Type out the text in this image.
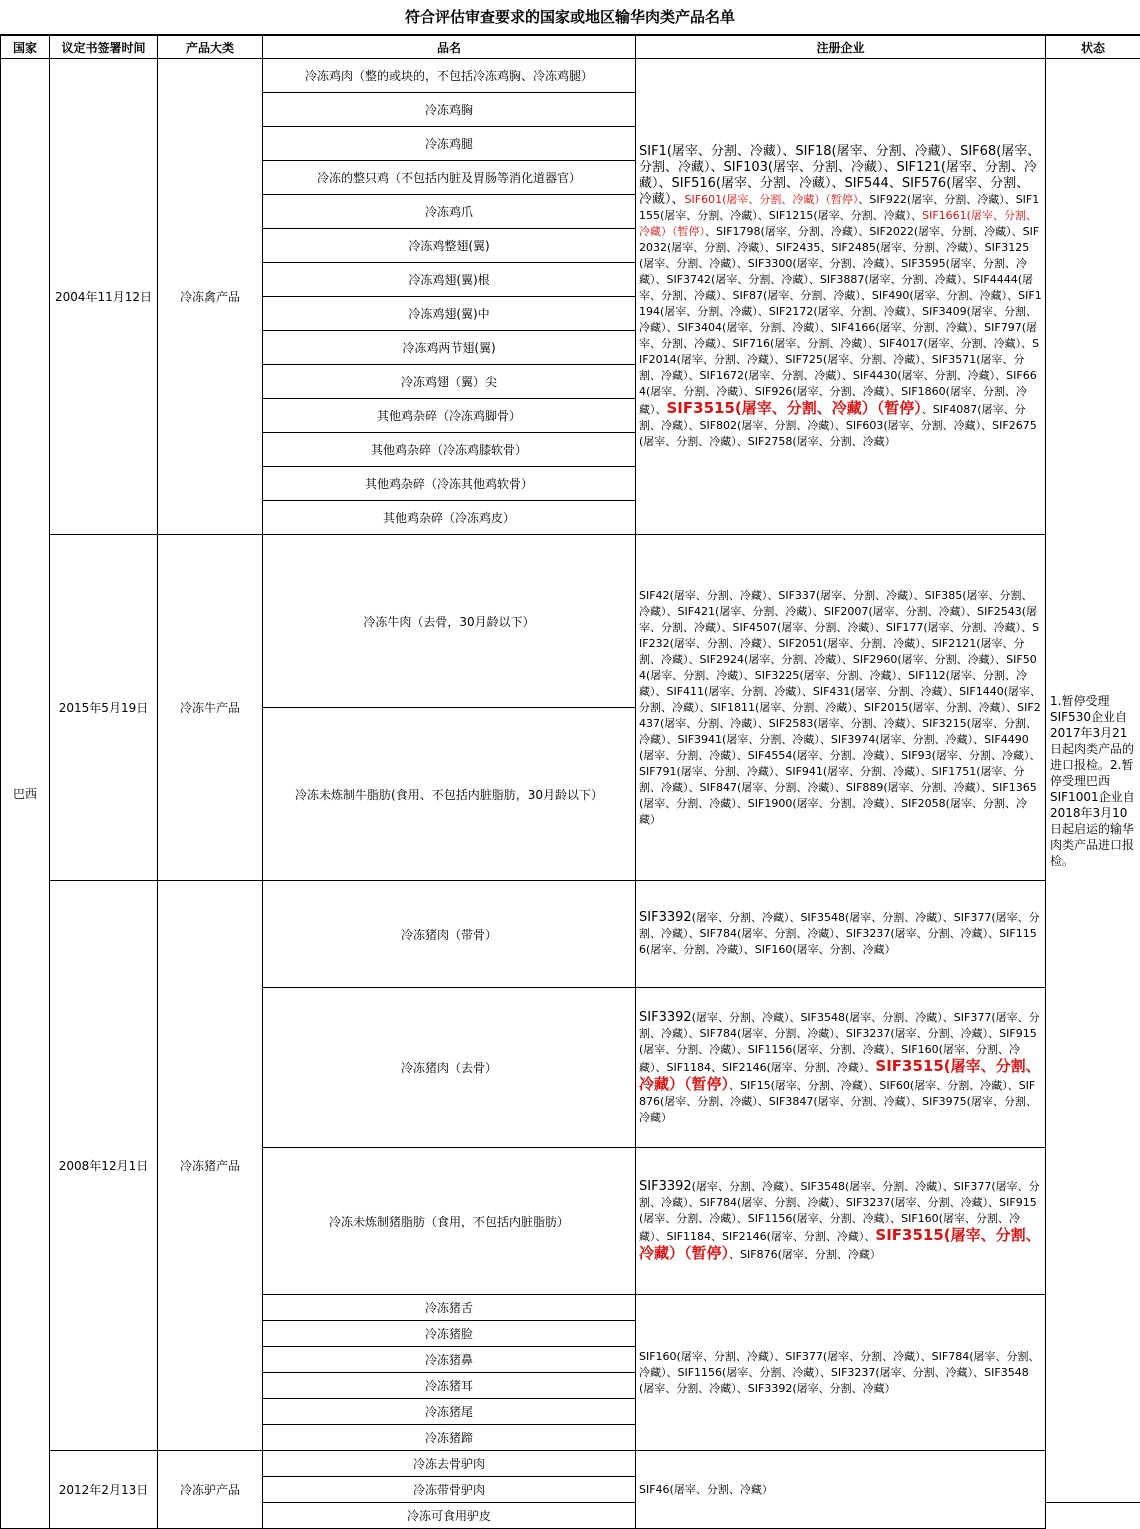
符合评估审查要求的国家或地区输华肉类产品名单
国家	议定书签署时间	产品大类	品名	注册企业	状态	
巴西	2004年11月12日	冷冻禽产品	冷冻鸡肉（整的或块的，不包括冷冻鸡胸、冷冻鸡腿）	SIF1(屠宰、分割、冷藏）、SIF18(屠宰、分割、冷藏）、SIF68(屠宰、分割、冷藏）、SIF103(屠宰、分割、冷藏）、SIF121(屠宰、分割、冷藏）、SIF516(屠宰、分割、冷藏）、SIF544、SIF576(屠宰、分割、冷藏）、SIF601(屠宰、分割、冷藏）（暂停）、SIF922(屠宰、分割、冷藏）、SIF1155(屠宰、分割、冷藏）、SIF1215(屠宰、分割、冷藏）、SIF1661(屠宰、分割、冷藏）（暂停）、SIF1798(屠宰、分割、冷藏）、SIF2022(屠宰、分割、冷藏）、SIF2032(屠宰、分割、冷藏）、SIF2435、SIF2485(屠宰、分割、冷藏）、SIF3125(屠宰、分割、冷藏）、SIF3300(屠宰、分割、冷藏）、SIF3595(屠宰、分割、冷藏）、SIF3742(屠宰、分割、冷藏）、SIF3887(屠宰、分割、冷藏）、SIF4444(屠宰、分割、冷藏）、SIF87(屠宰、分割、冷藏）、SIF490(屠宰、分割、冷藏）、SIF1194(屠宰、分割、冷藏）、SIF2172(屠宰、分割、冷藏）、SIF3409(屠宰、分割、冷藏）、SIF3404(屠宰、分割、冷藏）、SIF4166(屠宰、分割、冷藏）、SIF797(屠宰、分割、冷藏）、SIF716(屠宰、分割、冷藏）、SIF4017(屠宰、分割、冷藏）、SIF2014(屠宰、分割、冷藏）、SIF725(屠宰、分割、冷藏）、SIF3571(屠宰、分割、冷藏）、SIF1672(屠宰、分割、冷藏）、SIF4430(屠宰、分割、冷藏）、SIF664(屠宰、分割、冷藏）、SIF926(屠宰、分割、冷藏）、SIF1860(屠宰、分割、冷藏）、SIF3515(屠宰、分割、冷藏）（暂停）、SIF4087(屠宰、分割、冷藏）、SIF802(屠宰、分割、冷藏）、SIF603(屠宰、分割、冷藏）、SIF2675(屠宰、分割、冷藏）、SIF2758(屠宰、分割、冷藏）	1.暂停受理SIF530企业自2017年3月21日起肉类产品的进口报检。2.暂停受理巴西SIF1001企业自2018年3月10日起启运的输华肉类产品进口报检。	
			冷冻鸡胸			
			冷冻鸡腿			
			冷冻的整只鸡（不包括内脏及胃肠等消化道器官）			
			冷冻鸡爪			
			冷冻鸡整翅(翼)			
			冷冻鸡翅(翼)根			
			冷冻鸡翅(翼)中			
			冷冻鸡两节翅(翼)			
			冷冻鸡翅（翼）尖			
			其他鸡杂碎（冷冻鸡脚骨）			
			其他鸡杂碎（冷冻鸡膝软骨）			
			其他鸡杂碎（冷冻其他鸡软骨）			
			其他鸡杂碎（冷冻鸡皮）			
	2015年5月19日	冷冻牛产品	冷冻牛肉（去骨，30月龄以下）	SIF42(屠宰、分割、冷藏）、SIF337(屠宰、分割、冷藏）、SIF385(屠宰、分割、冷藏）、SIF421(屠宰、分割、冷藏）、SIF2007(屠宰、分割、冷藏）、SIF2543(屠宰、分割、冷藏）、SIF4507(屠宰、分割、冷藏）、SIF177(屠宰、分割、冷藏）、SIF232(屠宰、分割、冷藏）、SIF2051(屠宰、分割、冷藏）、SIF2121(屠宰、分割、冷藏）、SIF2924(屠宰、分割、冷藏）、SIF2960(屠宰、分割、冷藏）、SIF504(屠宰、分割、冷藏）、SIF3225(屠宰、分割、冷藏）、SIF112(屠宰、分割、冷藏）、SIF411(屠宰、分割、冷藏）、SIF431(屠宰、分割、冷藏）、SIF1440(屠宰、分割、冷藏）、SIF1811(屠宰、分割、冷藏）、SIF2015(屠宰、分割、冷藏）、SIF2437(屠宰、分割、冷藏）、SIF2583(屠宰、分割、冷藏）、SIF3215(屠宰、分割、冷藏）、SIF3941(屠宰、分割、冷藏）、SIF3974(屠宰、分割、冷藏）、SIF4490(屠宰、分割、冷藏）、SIF4554(屠宰、分割、冷藏）、SIF93(屠宰、分割、冷藏）、SIF791(屠宰、分割、冷藏）、SIF941(屠宰、分割、冷藏）、SIF1751(屠宰、分割、冷藏）、SIF847(屠宰、分割、冷藏）、SIF889(屠宰、分割、冷藏）、SIF1365(屠宰、分割、冷藏）、SIF1900(屠宰、分割、冷藏）、SIF2058(屠宰、分割、冷藏）		
			冷冻未炼制牛脂肪(食用、不包括内脏脂肪，30月龄以下）			
	2008年12月1日	冷冻猪产品	冷冻猪肉（带骨）	SIF3392(屠宰、分割、冷藏）、SIF3548(屠宰、分割、冷藏）、SIF377(屠宰、分割、冷藏）、SIF784(屠宰、分割、冷藏）、SIF3237(屠宰、分割、冷藏）、SIF1156(屠宰、分割、冷藏）、SIF160(屠宰、分割、冷藏）		
			冷冻猪肉（去骨）	SIF3392(屠宰、分割、冷藏）、SIF3548(屠宰、分割、冷藏）、SIF377(屠宰、分割、冷藏）、SIF784(屠宰、分割、冷藏）、SIF3237(屠宰、分割、冷藏）、SIF915(屠宰、分割、冷藏）、SIF1156(屠宰、分割、冷藏）、SIF160(屠宰、分割、冷藏）、SIF1184、SIF2146(屠宰、分割、冷藏）、SIF3515(屠宰、分割、冷藏）（暂停）、SIF15(屠宰、分割、冷藏）、SIF60(屠宰、分割、冷藏）、SIF876(屠宰、分割、冷藏）、SIF3847(屠宰、分割、冷藏）、SIF3975(屠宰、分割、冷藏）		
			冷冻未炼制猪脂肪（食用，不包括内脏脂肪）	SIF3392(屠宰、分割、冷藏）、SIF3548(屠宰、分割、冷藏）、SIF377(屠宰、分割、冷藏）、SIF784(屠宰、分割、冷藏）、SIF3237(屠宰、分割、冷藏）、SIF915(屠宰、分割、冷藏）、SIF1156(屠宰、分割、冷藏）、SIF160(屠宰、分割、冷藏）、SIF1184、SIF2146(屠宰、分割、冷藏）、SIF3515(屠宰、分割、冷藏）（暂停）、SIF876(屠宰、分割、冷藏）		
			冷冻猪舌	SIF160(屠宰、分割、冷藏）、SIF377(屠宰、分割、冷藏）、SIF784(屠宰、分割、冷藏）、SIF1156(屠宰、分割、冷藏）、SIF3237(屠宰、分割、冷藏）、SIF3548(屠宰、分割、冷藏）、SIF3392(屠宰、分割、冷藏）		
			冷冻猪脸			
			冷冻猪鼻			
			冷冻猪耳			
			冷冻猪尾			
			冷冻猪蹄			
	2012年2月13日	冷冻驴产品	冷冻去骨驴肉	SIF46(屠宰、分割、冷藏）		
			冷冻带骨驴肉			
			冷冻可食用驴皮			
